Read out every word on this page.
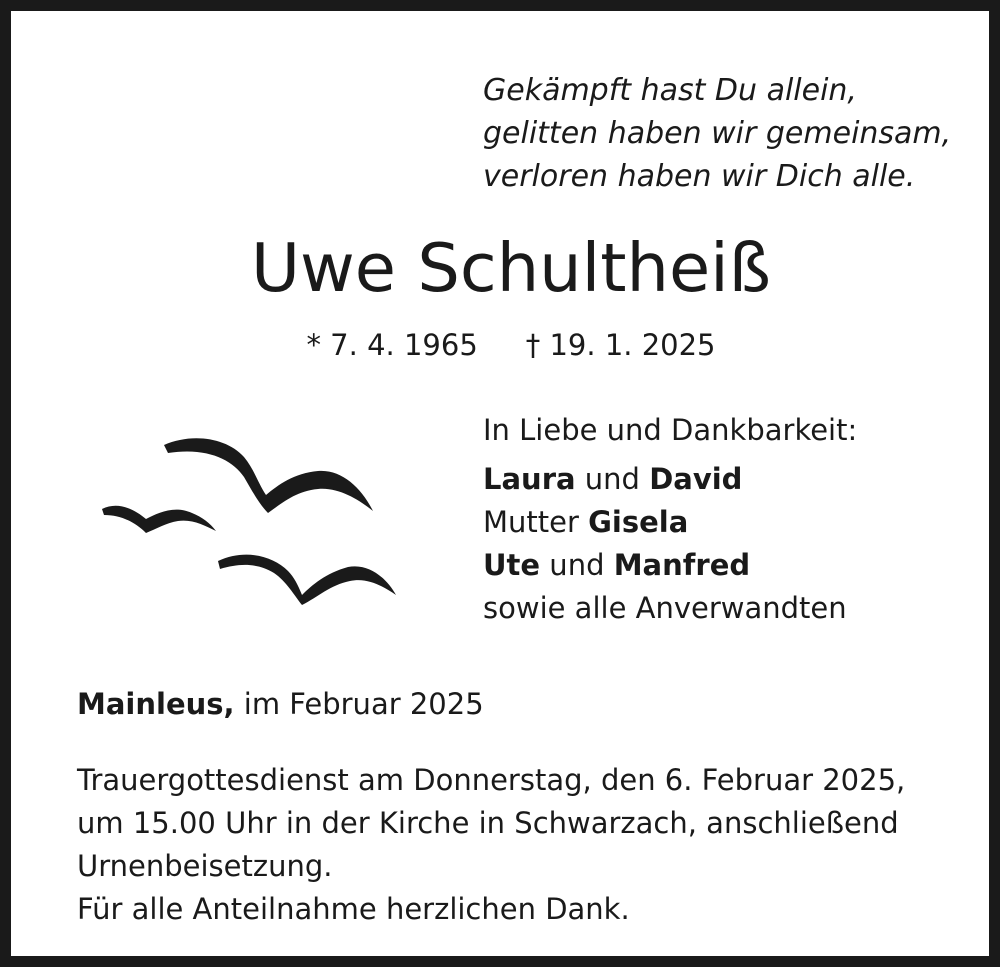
Gekämpft hast Du allein,
gelitten haben wir gemeinsam,
verloren haben wir Dich alle.
Uwe Schultheiß
* 7. 4. 1965 † 19. 1. 2025
In Liebe und Dankbarkeit:
Laura und David
Mutter Gisela
Ute und Manfred
sowie alle Anverwandten
Mainleus, im Februar 2025
Trauergottesdienst am Donnerstag, den 6. Februar 2025,
um 15.00 Uhr in der Kirche in Schwarzach, anschließend
Urnenbeisetzung.
Für alle Anteilnahme herzlichen Dank.
